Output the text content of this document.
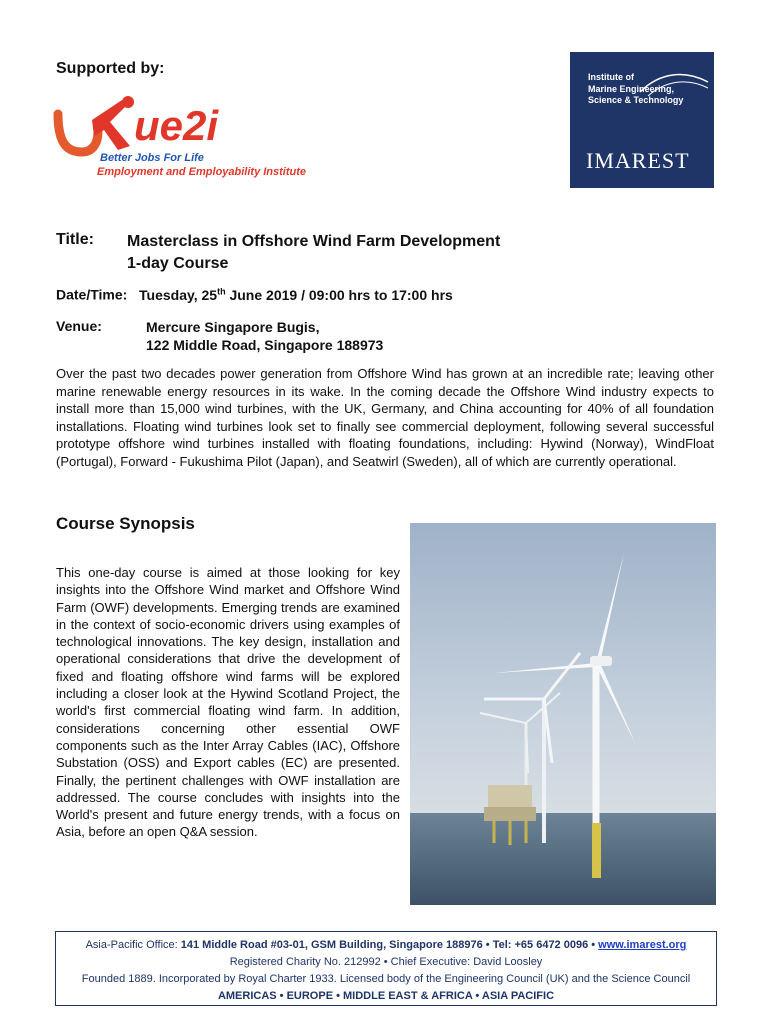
Supported by:
ue2i
Better Jobs For Life
Employment and Employability Institute
Institute of
Marine Engineering,
Science & Technology
IMAREST
Title: Masterclass in Offshore Wind Farm Development
1-day Course
Date/Time: Tuesday, 25th June 2019 / 09:00 hrs to 17:00 hrs
Venue:	Mercure Singapore Bugis,
122 Middle Road, Singapore 188973
Over the past two decades power generation from Offshore Wind has grown at an incredible rate; leaving other marine renewable energy resources in its wake. In the coming decade the Offshore Wind industry expects to install more than 15,000 wind turbines, with the UK, Germany, and China accounting for 40% of all foundation installations. Floating wind turbines look set to finally see commercial deployment, following several successful prototype offshore wind turbines installed with floating foundations, including: Hywind (Norway), WindFloat (Portugal), Forward - Fukushima Pilot (Japan), and Seatwirl (Sweden), all of which are currently operational.
Course Synopsis
This one-day course is aimed at those looking for key insights into the Offshore Wind market and Offshore Wind Farm (OWF) developments. Emerging trends are examined in the context of socio-economic drivers using examples of technological innovations. The key design, installation and operational considerations that drive the development of fixed and floating offshore wind farms will be explored including a closer look at the Hywind Scotland Project, the world's first commercial floating wind farm. In addition, considerations concerning other essential OWF components such as the Inter Array Cables (IAC), Offshore Substation (OSS) and Export cables (EC) are presented. Finally, the pertinent challenges with OWF installation are addressed. The course concludes with insights into the World's present and future energy trends, with a focus on Asia, before an open Q&A session.
Asia-Pacific Office: 141 Middle Road #03-01, GSM Building, Singapore 188976 • Tel: +65 6472 0096 • www.imarest.org
Registered Charity No. 212992 • Chief Executive: David Loosley
Founded 1889. Incorporated by Royal Charter 1933. Licensed body of the Engineering Council (UK) and the Science Council
AMERICAS • EUROPE • MIDDLE EAST & AFRICA • ASIA PACIFIC
